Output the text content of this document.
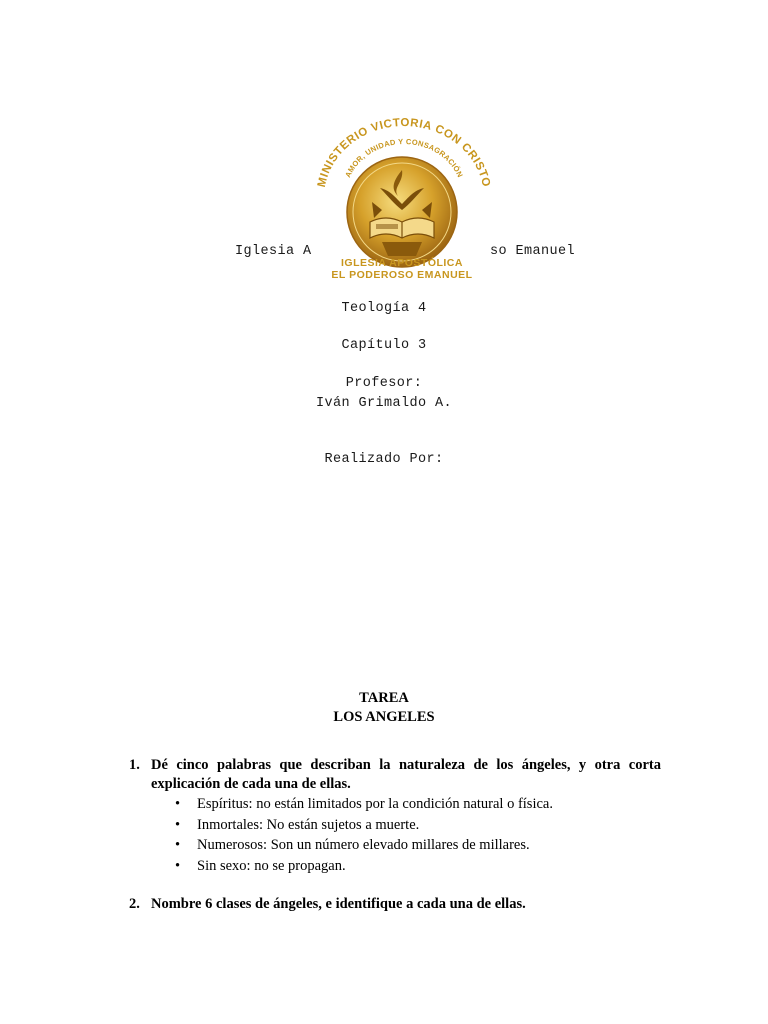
Iglesia A	so Emanuel
MINISTERIO VICTORIA CON CRISTO
AMOR, UNIDAD Y CONSAGRACIÓN
IGLESIA APOSTÓLICA
EL PODEROSO EMANUEL
Teología 4
Capítulo 3
Profesor:
Iván Grimaldo A.
Realizado Por:
TAREA
LOS ANGELES
1. Dé cinco palabras que describan la naturaleza de los ángeles, y otra corta explicación de cada una de ellas.
• Espíritus: no están limitados por la condición natural o física.
• Inmortales: No están sujetos a muerte.
• Numerosos: Son un número elevado millares de millares.
• Sin sexo: no se propagan.
2. Nombre 6 clases de ángeles, e identifique a cada una de ellas.
